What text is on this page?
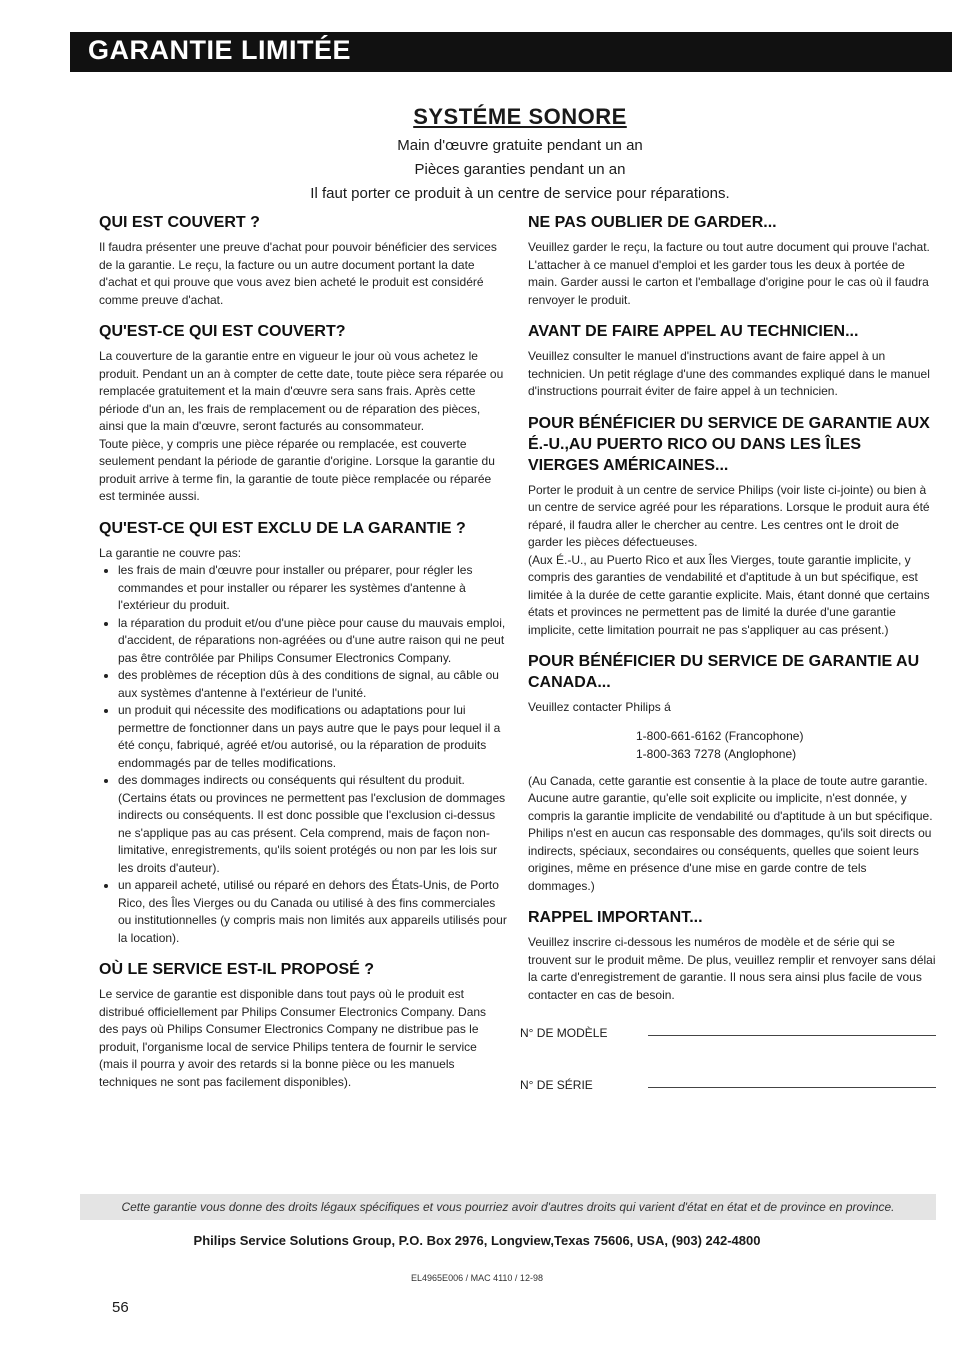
GARANTIE LIMITÉE
SYSTÉME SONORE

Main d'œuvre gratuite pendant un an

Pièces garanties pendant un an

Il faut porter ce produit à un centre de service pour réparations.

QUI EST COUVERT ?

Il faudra présenter une preuve d'achat pour pouvoir bénéficier des services de la garantie. Le reçu, la facture ou un autre document portant la date d'achat et qui prouve que vous avez bien acheté le produit est considéré comme preuve d'achat.

QU'EST-CE QUI EST COUVERT?

La couverture de la garantie entre en vigueur le jour où vous achetez le produit. Pendant un an à compter de cette date, toute pièce sera réparée ou remplacée gratuitement et la main d'œuvre sera sans frais. Après cette période d'un an, les frais de remplacement ou de réparation des pièces, ainsi que la main d'œuvre, seront facturés au consommateur.

Toute pièce, y compris une pièce réparée ou remplacée, est couverte seulement pendant la période de garantie d'origine. Lorsque la garantie du produit arrive à terme fin, la garantie de toute pièce remplacée ou réparée est terminée aussi.

QU'EST-CE QUI EST EXCLU DE LA GARANTIE ?

La garantie ne couvre pas:

• les frais de main d'œuvre pour installer ou préparer, pour régler les commandes et pour installer ou réparer les systèmes d'antenne à l'extérieur du produit.
• la réparation du produit et/ou d'une pièce pour cause du mauvais emploi, d'accident, de réparations non-agréées ou d'une autre raison qui ne peut pas être contrôlée par Philips Consumer Electronics Company.
• des problèmes de réception dûs à des conditions de signal, au câble ou aux systèmes d'antenne à l'extérieur de l'unité.
• un produit qui nécessite des modifications ou adaptations pour lui permettre de fonctionner dans un pays autre que le pays pour lequel il a été conçu, fabriqué, agréé et/ou autorisé, ou la réparation de produits endommagés par de telles modifications.
• des dommages indirects ou conséquents qui résultent du produit. (Certains états ou provinces ne permettent pas l'exclusion de dommages indirects ou conséquents. Il est donc possible que l'exclusion ci-dessus ne s'applique pas au cas présent. Cela comprend, mais de façon non-limitative, enregistrements, qu'ils soient protégés ou non par les lois sur les droits d'auteur).
• un appareil acheté, utilisé ou réparé en dehors des États-Unis, de Porto Rico, des Îles Vierges ou du Canada ou utilisé à des fins commerciales ou institutionnelles (y compris mais non limités aux appareils utilisés pour la location).
OÙ LE SERVICE EST-IL PROPOSÉ ?

Le service de garantie est disponible dans tout pays où le produit est distribué officiellement par Philips Consumer Electronics Company. Dans des pays où Philips Consumer Electronics Company ne distribue pas le produit, l'organisme local de service Philips tentera de fournir le service (mais il pourra y avoir des retards si la bonne pièce ou les manuels techniques ne sont pas facilement disponibles).

NE PAS OUBLIER DE GARDER...

Veuillez garder le reçu, la facture ou tout autre document qui prouve l'achat. L'attacher à ce manuel d'emploi et les garder tous les deux à portée de main. Garder aussi le carton et l'emballage d'origine pour le cas où il faudra renvoyer le produit.

AVANT DE FAIRE APPEL AU TECHNICIEN...

Veuillez consulter le manuel d'instructions avant de faire appel à un technicien. Un petit réglage d'une des commandes expliqué dans le manuel d'instructions pourrait éviter de faire appel à un technicien.

POUR BÉNÉFICIER DU SERVICE DE GARANTIE AUX É.-U.,AU PUERTO RICO OU DANS LES ÎLES VIERGES AMÉRICAINES...

Porter le produit à un centre de service Philips (voir liste ci-jointe) ou bien à un centre de service agréé pour les réparations. Lorsque le produit aura été réparé, il faudra aller le chercher au centre. Les centres ont le droit de garder les pièces défectueuses.

(Aux É.-U., au Puerto Rico et aux Îles Vierges, toute garantie implicite, y compris des garanties de vendabilité et d'aptitude à un but spécifique, est limitée à la durée de cette garantie explicite. Mais, étant donné que certains états et provinces ne permettent pas de limité la durée d'une garantie implicite, cette limitation pourrait ne pas s'appliquer au cas présent.)

POUR BÉNÉFICIER DU SERVICE DE GARANTIE AU CANADA...

Veuillez contacter Philips á

1-800-661-6162 (Francophone)
1-800-363 7278 (Anglophone)

(Au Canada, cette garantie est consentie à la place de toute autre garantie. Aucune autre garantie, qu'elle soit explicite ou implicite, n'est donnée, y compris la garantie implicite de vendabilité ou d'aptitude à un but spécifique. Philips n'est en aucun cas responsable des dommages, qu'ils soit directs ou indirects, spéciaux, secondaires ou conséquents, quelles que soient leurs origines, même en présence d'une mise en garde contre de tels dommages.)

RAPPEL IMPORTANT...

Veuillez inscrire ci-dessous les numéros de modèle et de série qui se trouvent sur le produit même. De plus, veuillez remplir et renvoyer sans délai la carte d'enregistrement de garantie. Il nous sera ainsi plus facile de vous contacter en cas de besoin.

N° DE MODÈLE
N° DE SÉRIE
Cette garantie vous donne des droits légaux spécifiques et vous pourriez avoir d'autres droits qui varient d'état en état et de province en province.
Philips Service Solutions Group, P.O. Box 2976, Longview,Texas 75606, USA, (903) 242-4800
EL4965E006 / MAC 4110 / 12-98
56
